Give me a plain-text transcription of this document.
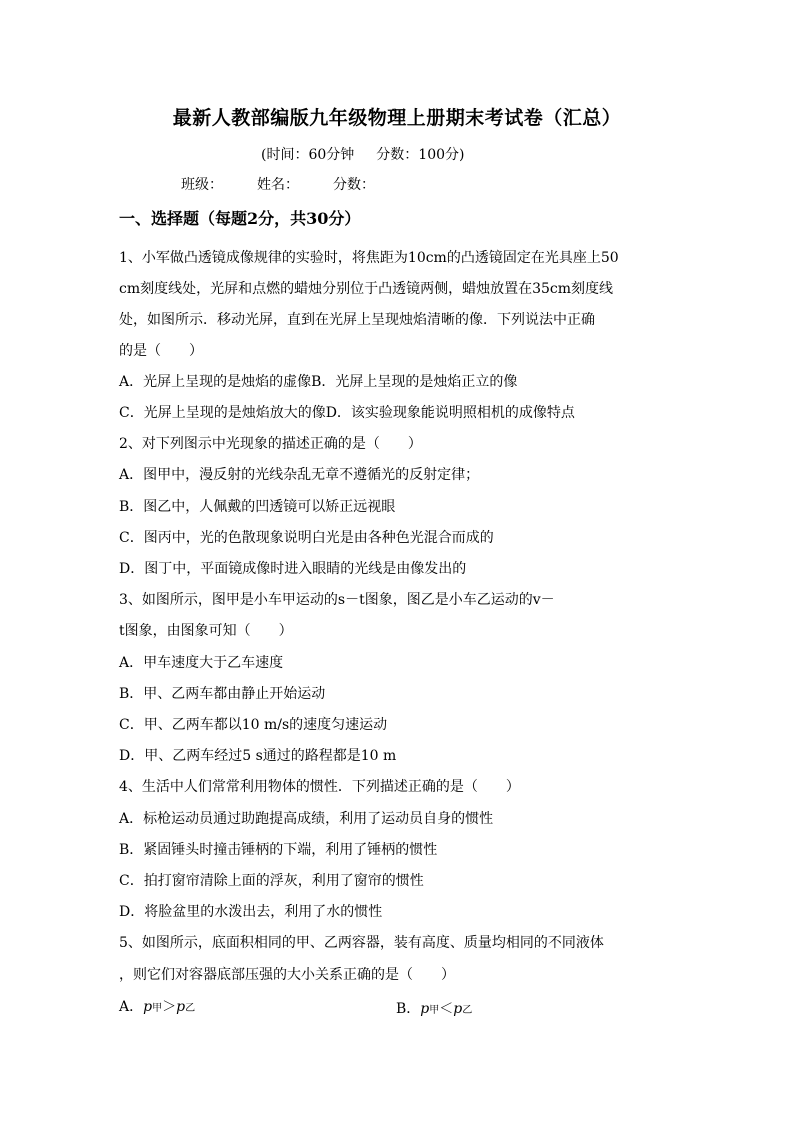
最新人教部编版九年级物理上册期末考试卷（汇总）
(时间：60分钟 分数：100分)
班级： 姓名： 分数：
一、选择题（每题2分，共30分）
1、小军做凸透镜成像规律的实验时，将焦距为10cm的凸透镜固定在光具座上50
cm刻度线处，光屏和点燃的蜡烛分别位于凸透镜两侧，蜡烛放置在35cm刻度线
处，如图所示．移动光屏，直到在光屏上呈现烛焰清晰的像．下列说法中正确
的是（　　）
A．光屏上呈现的是烛焰的虚像B．光屏上呈现的是烛焰正立的像
C．光屏上呈现的是烛焰放大的像D．该实验现象能说明照相机的成像特点
2、对下列图示中光现象的描述正确的是（　　）
A．图甲中，漫反射的光线杂乱无章不遵循光的反射定律；
B．图乙中，人佩戴的凹透镜可以矫正远视眼
C．图丙中，光的色散现象说明白光是由各种色光混合而成的
D．图丁中，平面镜成像时进入眼睛的光线是由像发出的
3、如图所示，图甲是小车甲运动的s－t图象，图乙是小车乙运动的v－
t图象，由图象可知（　　）
A．甲车速度大于乙车速度
B．甲、乙两车都由静止开始运动
C．甲、乙两车都以10 m/s的速度匀速运动
D．甲、乙两车经过5 s通过的路程都是10 m
4、生活中人们常常利用物体的惯性．下列描述正确的是（　　）
A．标枪运动员通过助跑提高成绩，利用了运动员自身的惯性
B．紧固锤头时撞击锤柄的下端，利用了锤柄的惯性
C．拍打窗帘清除上面的浮灰，利用了窗帘的惯性
D．将脸盆里的水泼出去，利用了水的惯性
5、如图所示，底面积相同的甲、乙两容器，装有高度、质量均相同的不同液体
，则它们对容器底部压强的大小关系正确的是（　　）
A．p甲＞p乙	B．p甲＜p乙
